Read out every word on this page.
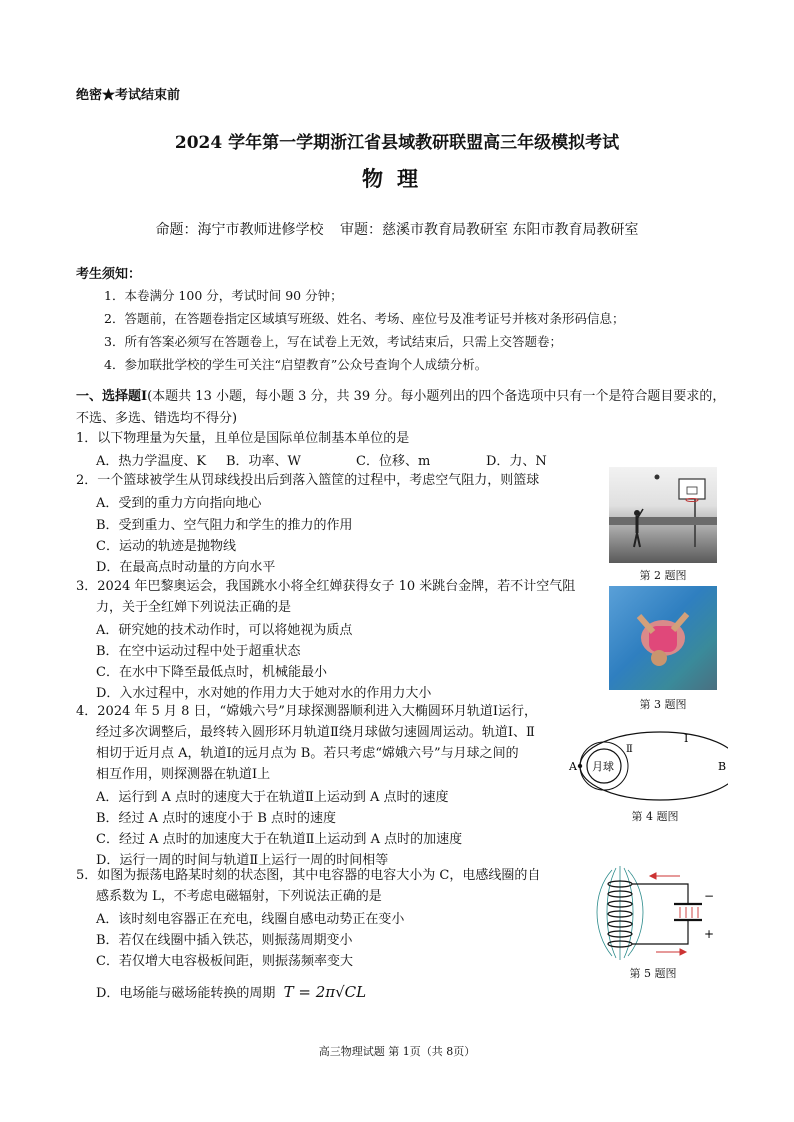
绝密★考试结束前
2024 学年第一学期浙江省县域教研联盟高三年级模拟考试
物理
命题：海宁市教师进修学校 审题：慈溪市教育局教研室 东阳市教育局教研室
考生须知：
1．本卷满分 100 分，考试时间 90 分钟；
2．答题前，在答题卷指定区域填写班级、姓名、考场、座位号及准考证号并核对条形码信息；
3．所有答案必须写在答题卷上，写在试卷上无效，考试结束后，只需上交答题卷；
4．参加联批学校的学生可关注“启望教育”公众号查询个人成绩分析。
一、选择题Ⅰ(本题共 13 小题，每小题 3 分，共 39 分。每小题列出的四个备选项中只有一个是符合题目要求的，不选、多选、错选均不得分)
1．以下物理量为矢量，且单位是国际单位制基本单位的是
A．热力学温度、K	B．功率、W	C．位移、m	D．力、N
2．一个篮球被学生从罚球线投出后到落入篮筐的过程中，考虑空气阻力，则篮球
A．受到的重力方向指向地心
B．受到重力、空气阻力和学生的推力的作用
C．运动的轨迹是抛物线
D．在最高点时动量的方向水平
第 2 题图
3．2024 年巴黎奥运会，我国跳水小将全红婵获得女子 10 米跳台金牌，若不计空气阻
力，关于全红婵下列说法正确的是
A．研究她的技术动作时，可以将她视为质点
B．在空中运动过程中处于超重状态
C．在水中下降至最低点时，机械能最小
D．入水过程中，水对她的作用力大于她对水的作用力大小
第 3 题图
4．2024 年 5 月 8 日，“嫦娥六号”月球探测器顺利进入大椭圆环月轨道Ⅰ运行，
经过多次调整后，最终转入圆形环月轨道Ⅱ绕月球做匀速圆周运动。轨道Ⅰ、Ⅱ
相切于近月点 A，轨道Ⅰ的远月点为 B。若只考虑“嫦娥六号”与月球之间的
相互作用，则探测器在轨道Ⅰ上
A．运行到 A 点时的速度大于在轨道Ⅱ上运动到 A 点时的速度
B．经过 A 点时的速度小于 B 点时的速度
C．经过 A 点时的加速度大于在轨道Ⅱ上运动到 A 点时的加速度
D．运行一周的时间与轨道Ⅱ上运行一周的时间相等
月球
A	B
Ⅰ
Ⅱ
第 4 题图
5．如图为振荡电路某时刻的状态图，其中电容器的电容大小为 C，电感线圈的自
感系数为 L，不考虑电磁辐射，下列说法正确的是
A．该时刻电容器正在充电，线圈自感电动势正在变小
B．若仅在线圈中插入铁芯，则振荡周期变小
C．若仅增大电容极板间距，则振荡频率变大
D．电场能与磁场能转换的周期 T = 2π√CL
−
+
第 5 题图
高三物理试题 第 1页（共 8页）
